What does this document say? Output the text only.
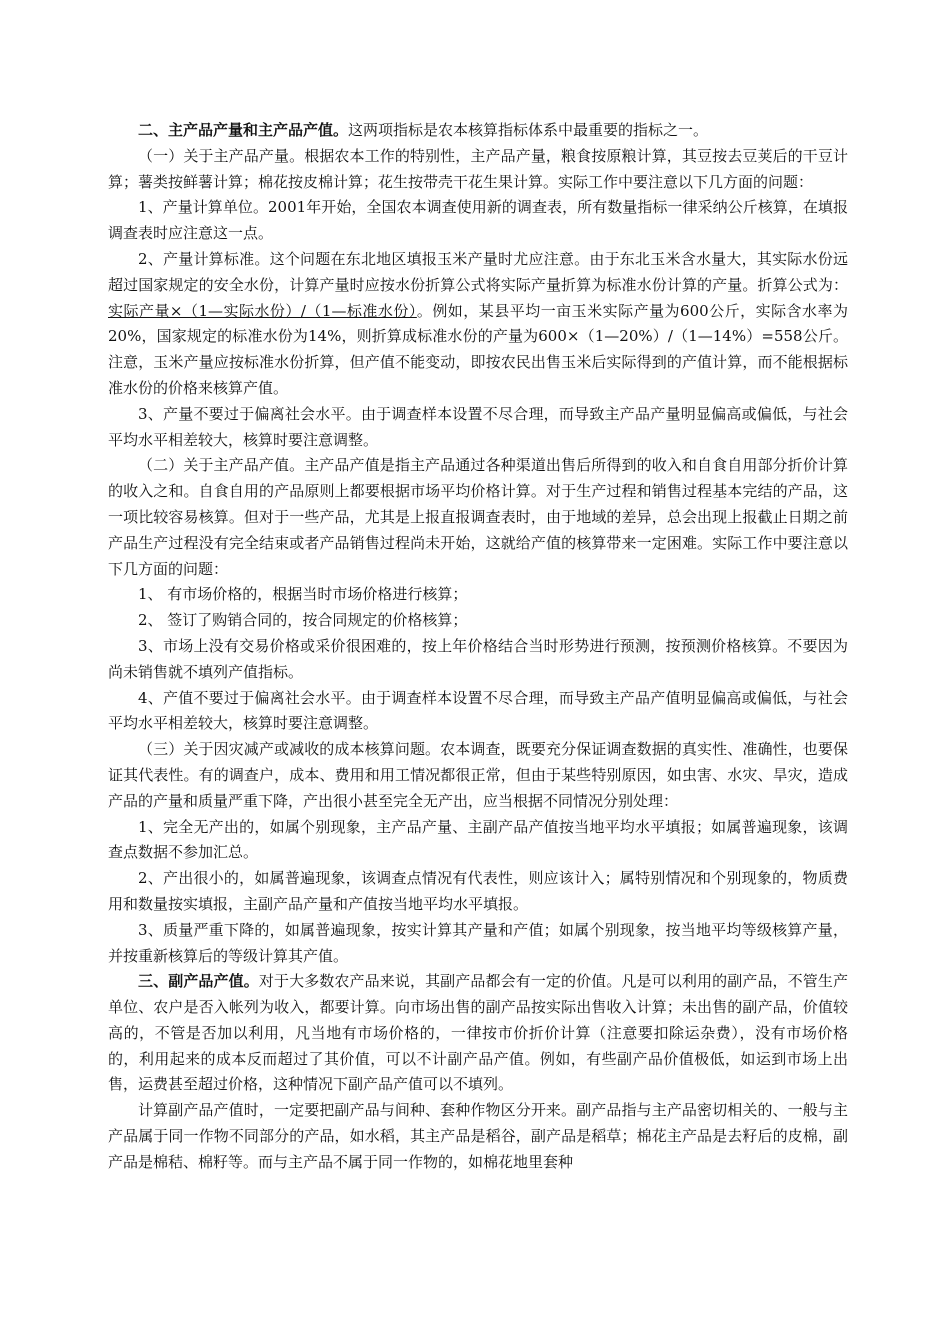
二、主产品产量和主产品产值。这两项指标是农本核算指标体系中最重要的指标之一。

（一）关于主产品产量。根据农本工作的特别性，主产品产量，粮食按原粮计算，其豆按去豆荚后的干豆计算；薯类按鲜薯计算；棉花按皮棉计算；花生按带壳干花生果计算。实际工作中要注意以下几方面的问题：

1、产量计算单位。2001年开始，全国农本调查使用新的调查表，所有数量指标一律采纳公斤核算，在填报调查表时应注意这一点。

2、产量计算标准。这个问题在东北地区填报玉米产量时尤应注意。由于东北玉米含水量大，其实际水份远超过国家规定的安全水份，计算产量时应按水份折算公式将实际产量折算为标准水份计算的产量。折算公式为：实际产量×（1—实际水份）/（1—标准水份）。例如，某县平均一亩玉米实际产量为600公斤，实际含水率为20%，国家规定的标准水份为14%，则折算成标准水份的产量为600×（1—20%）/（1—14%）=558公斤。注意，玉米产量应按标准水份折算，但产值不能变动，即按农民出售玉米后实际得到的产值计算，而不能根据标准水份的价格来核算产值。

3、产量不要过于偏离社会水平。由于调查样本设置不尽合理，而导致主产品产量明显偏高或偏低，与社会平均水平相差较大，核算时要注意调整。

（二）关于主产品产值。主产品产值是指主产品通过各种渠道出售后所得到的收入和自食自用部分折价计算的收入之和。自食自用的产品原则上都要根据市场平均价格计算。对于生产过程和销售过程基本完结的产品，这一项比较容易核算。但对于一些产品，尤其是上报直报调查表时，由于地域的差异，总会出现上报截止日期之前产品生产过程没有完全结束或者产品销售过程尚未开始，这就给产值的核算带来一定困难。实际工作中要注意以下几方面的问题：

1、 有市场价格的，根据当时市场价格进行核算；

2、 签订了购销合同的，按合同规定的价格核算；

3、市场上没有交易价格或采价很困难的，按上年价格结合当时形势进行预测，按预测价格核算。不要因为尚未销售就不填列产值指标。

4、产值不要过于偏离社会水平。由于调查样本设置不尽合理，而导致主产品产值明显偏高或偏低，与社会平均水平相差较大，核算时要注意调整。

（三）关于因灾减产或减收的成本核算问题。农本调查，既要充分保证调查数据的真实性、准确性，也要保证其代表性。有的调查户，成本、费用和用工情况都很正常，但由于某些特别原因，如虫害、水灾、旱灾，造成产品的产量和质量严重下降，产出很小甚至完全无产出，应当根据不同情况分别处理：

1、完全无产出的，如属个别现象，主产品产量、主副产品产值按当地平均水平填报；如属普遍现象，该调查点数据不参加汇总。

2、产出很小的，如属普遍现象，该调查点情况有代表性，则应该计入；属特别情况和个别现象的，物质费用和数量按实填报，主副产品产量和产值按当地平均水平填报。

3、质量严重下降的，如属普遍现象，按实计算其产量和产值；如属个别现象，按当地平均等级核算产量，并按重新核算后的等级计算其产值。

三、副产品产值。对于大多数农产品来说，其副产品都会有一定的价值。凡是可以利用的副产品，不管生产单位、农户是否入帐列为收入，都要计算。向市场出售的副产品按实际出售收入计算；未出售的副产品，价值较高的，不管是否加以利用，凡当地有市场价格的，一律按市价折价计算（注意要扣除运杂费），没有市场价格的，利用起来的成本反而超过了其价值，可以不计副产品产值。例如，有些副产品价值极低，如运到市场上出售，运费甚至超过价格，这种情况下副产品产值可以不填列。

计算副产品产值时，一定要把副产品与间种、套种作物区分开来。副产品指与主产品密切相关的、一般与主产品属于同一作物不同部分的产品，如水稻，其主产品是稻谷，副产品是稻草；棉花主产品是去籽后的皮棉，副产品是棉秸、棉籽等。而与主产品不属于同一作物的，如棉花地里套种
